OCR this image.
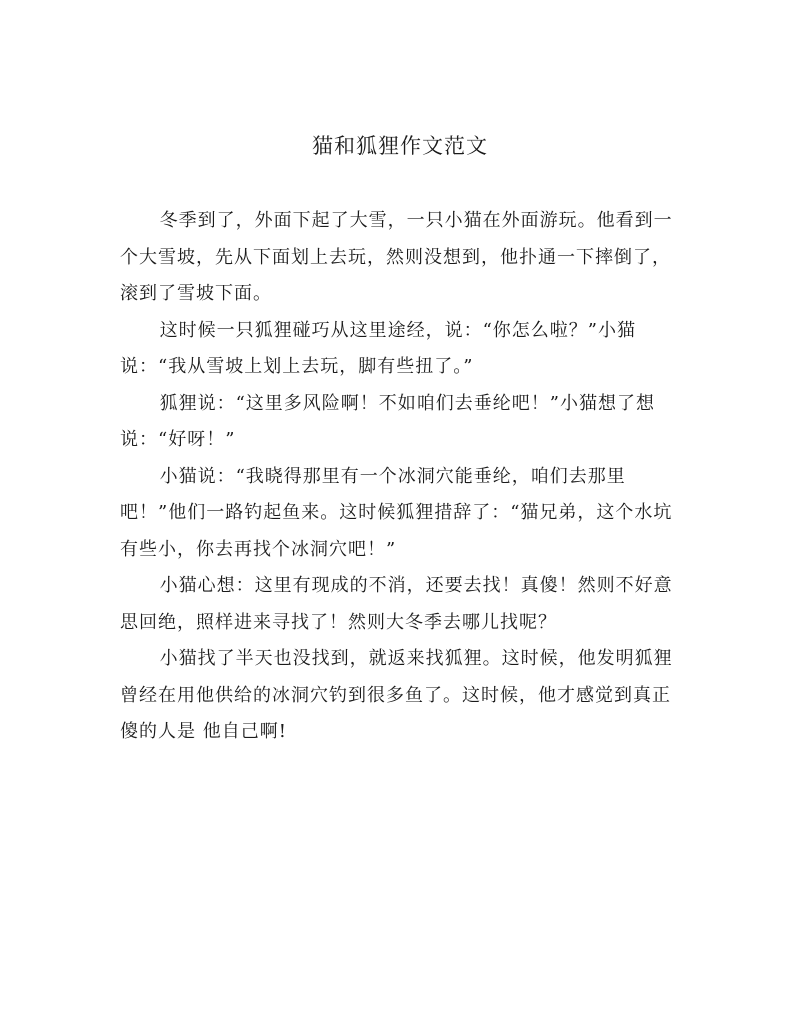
猫和狐狸作文范文

冬季到了，外面下起了大雪，一只小猫在外面游玩。他看到一个大雪坡，先从下面划上去玩，然则没想到，他扑通一下摔倒了，滚到了雪坡下面。

这时候一只狐狸碰巧从这里途经，说：“你怎么啦？”小猫说：“我从雪坡上划上去玩，脚有些扭了。”

狐狸说：“这里多风险啊！不如咱们去垂纶吧！”小猫想了想说：“好呀！”

小猫说：“我晓得那里有一个冰洞穴能垂纶，咱们去那里吧！”他们一路钓起鱼来。这时候狐狸措辞了：“猫兄弟，这个水坑有些小，你去再找个冰洞穴吧！”

小猫心想：这里有现成的不消，还要去找！真傻！然则不好意思回绝，照样进来寻找了！然则大冬季去哪儿找呢？

小猫找了半天也没找到，就返来找狐狸。这时候，他发明狐狸曾经在用他供给的冰洞穴钓到很多鱼了。这时候，他才感觉到真正傻的人是 他自己啊!
